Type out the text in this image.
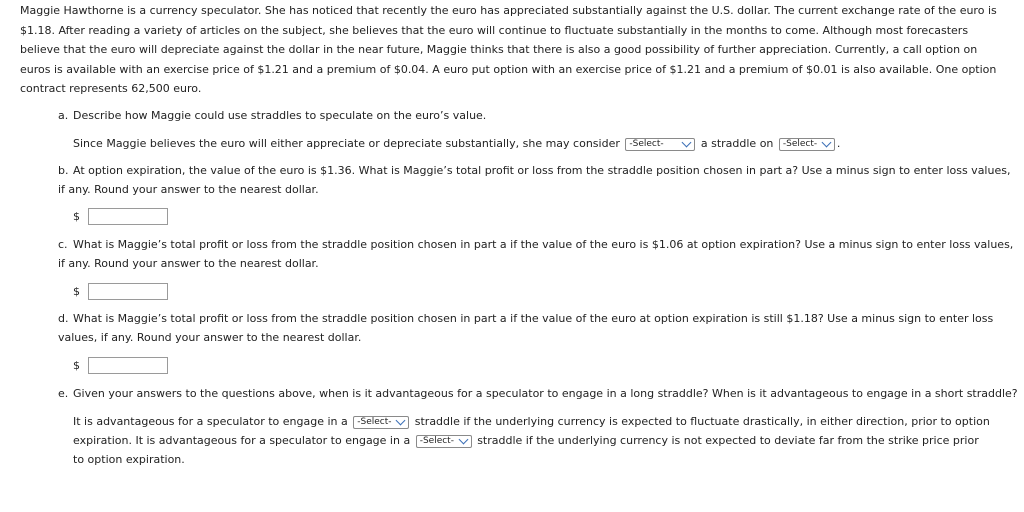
Maggie Hawthorne is a currency speculator. She has noticed that recently the euro has appreciated substantially against the U.S. dollar. The current exchange rate of the euro is $1.18. After reading a variety of articles on the subject, she believes that the euro will continue to fluctuate substantially in the months to come. Although most forecasters believe that the euro will depreciate against the dollar in the near future, Maggie thinks that there is also a good possibility of further appreciation. Currently, a call option on euros is available with an exercise price of $1.21 and a premium of $0.04. A euro put option with an exercise price of $1.21 and a premium of $0.01 is also available. One option contract represents 62,500 euro.
a. Describe how Maggie could use straddles to speculate on the euro’s value.
Since Maggie believes the euro will either appreciate or depreciate substantially, she may consider -Select-	a straddle on -Select- .
b. At option expiration, the value of the euro is $1.36. What is Maggie’s total profit or loss from the straddle position chosen in part a? Use a minus sign to enter loss values, if any. Round your answer to the nearest dollar.
$
c. What is Maggie’s total profit or loss from the straddle position chosen in part a if the value of the euro is $1.06 at option expiration? Use a minus sign to enter loss values, if any. Round your answer to the nearest dollar.
$
d. What is Maggie’s total profit or loss from the straddle position chosen in part a if the value of the euro at option expiration is still $1.18? Use a minus sign to enter loss values, if any. Round your answer to the nearest dollar.
$
e. Given your answers to the questions above, when is it advantageous for a speculator to engage in a long straddle? When is it advantageous to engage in a short straddle?
It is advantageous for a speculator to engage in a -Select- straddle if the underlying currency is expected to fluctuate drastically, in either direction, prior to option expiration. It is advantageous for a speculator to engage in a -Select- straddle if the underlying currency is not expected to deviate far from the strike price prior to option expiration.
